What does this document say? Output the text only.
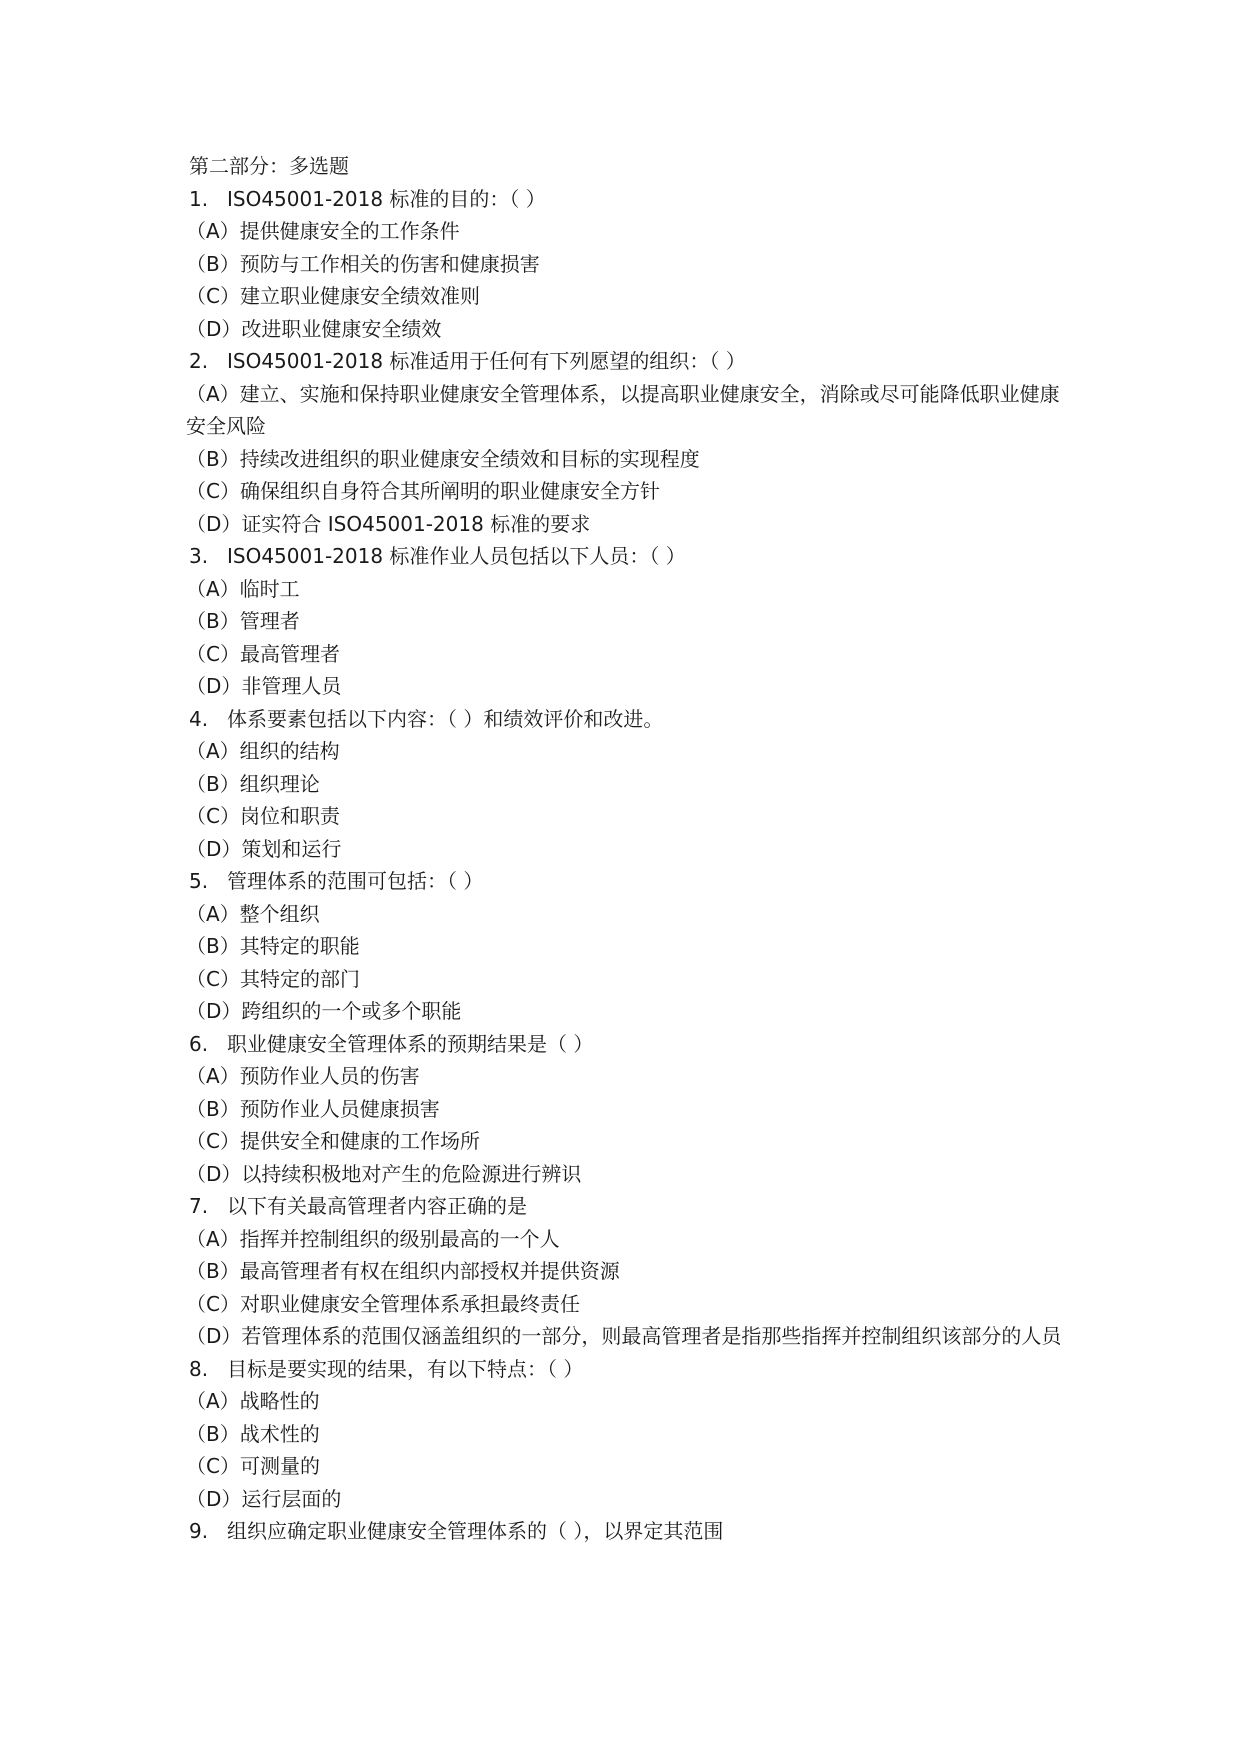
第二部分：多选题
1. ISO45001-2018 标准的目的：（ ）
（A）提供健康安全的工作条件
（B）预防与工作相关的伤害和健康损害
（C）建立职业健康安全绩效准则
（D）改进职业健康安全绩效
2. ISO45001-2018 标准适用于任何有下列愿望的组织：（ ）
（A）建立、实施和保持职业健康安全管理体系，以提高职业健康安全，消除或尽可能降低职业健康安全风险
（B）持续改进组织的职业健康安全绩效和目标的实现程度
（C）确保组织自身符合其所阐明的职业健康安全方针
（D）证实符合 ISO45001-2018 标准的要求
3. ISO45001-2018 标准作业人员包括以下人员：（ ）
（A）临时工
（B）管理者
（C）最高管理者
（D）非管理人员
4. 体系要素包括以下内容：（ ）和绩效评价和改进。
（A）组织的结构
（B）组织理论
（C）岗位和职责
（D）策划和运行
5. 管理体系的范围可包括：（ ）
（A）整个组织
（B）其特定的职能
（C）其特定的部门
（D）跨组织的一个或多个职能
6. 职业健康安全管理体系的预期结果是（ ）
（A）预防作业人员的伤害
（B）预防作业人员健康损害
（C）提供安全和健康的工作场所
（D）以持续积极地对产生的危险源进行辨识
7. 以下有关最高管理者内容正确的是
（A）指挥并控制组织的级别最高的一个人
（B）最高管理者有权在组织内部授权并提供资源
（C）对职业健康安全管理体系承担最终责任
（D）若管理体系的范围仅涵盖组织的一部分，则最高管理者是指那些指挥并控制组织该部分的人员
8. 目标是要实现的结果，有以下特点：（ ）
（A）战略性的
（B）战术性的
（C）可测量的
（D）运行层面的
9. 组织应确定职业健康安全管理体系的（ ），以界定其范围
